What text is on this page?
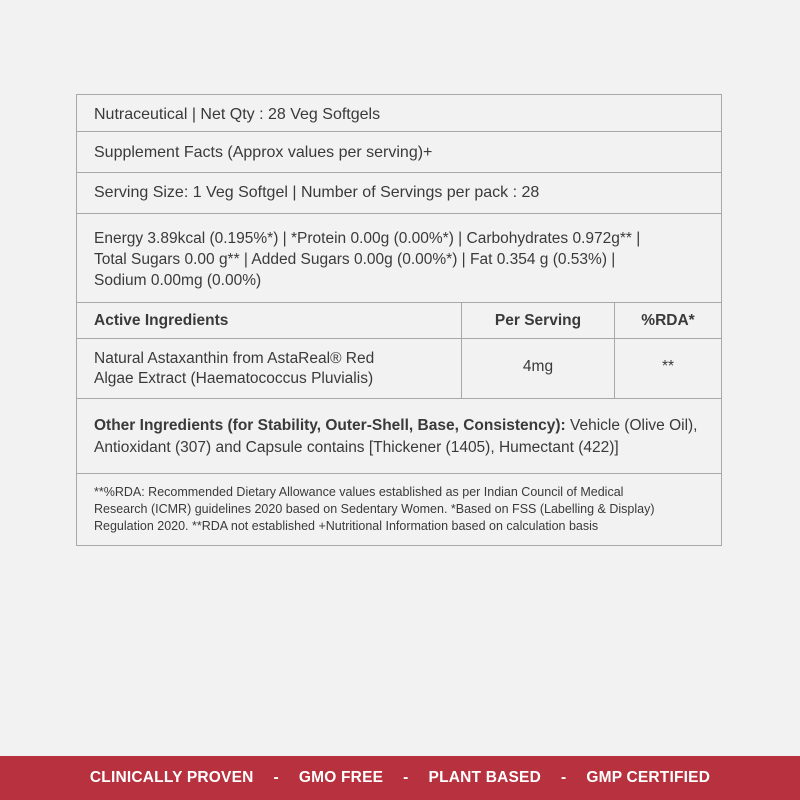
Nutraceutical | Net Qty : 28 Veg Softgels
Supplement Facts (Approx values per serving)+
Serving Size: 1 Veg Softgel | Number of Servings per pack : 28

Energy 3.89kcal (0.195%*) | *Protein 0.00g (0.00%*) | Carbohydrates 0.972g** |

Total Sugars 0.00 g** | Added Sugars 0.00g (0.00%*) | Fat 0.354 g (0.53%) |

Sodium 0.00mg (0.00%)

Active Ingredients	Per Serving	%RDA*
Natural Astaxanthin from AstaReal® Red
Algae Extract (Haematococcus Pluvialis)
4mg	**
Other Ingredients (for Stability, Outer-Shell, Base, Consistency): Vehicle (Olive Oil), Antioxidant (307) and Capsule contains [Thickener (1405), Humectant (422)]
**%RDA: Recommended Dietary Allowance values established as per Indian Council of Medical
Research (ICMR) guidelines 2020 based on Sedentary Women. *Based on FSS (Labelling & Display)
Regulation 2020. **RDA not established +Nutritional Information based on calculation basis
CLINICALLY PROVEN - GMO FREE - PLANT BASED - GMP CERTIFIED
